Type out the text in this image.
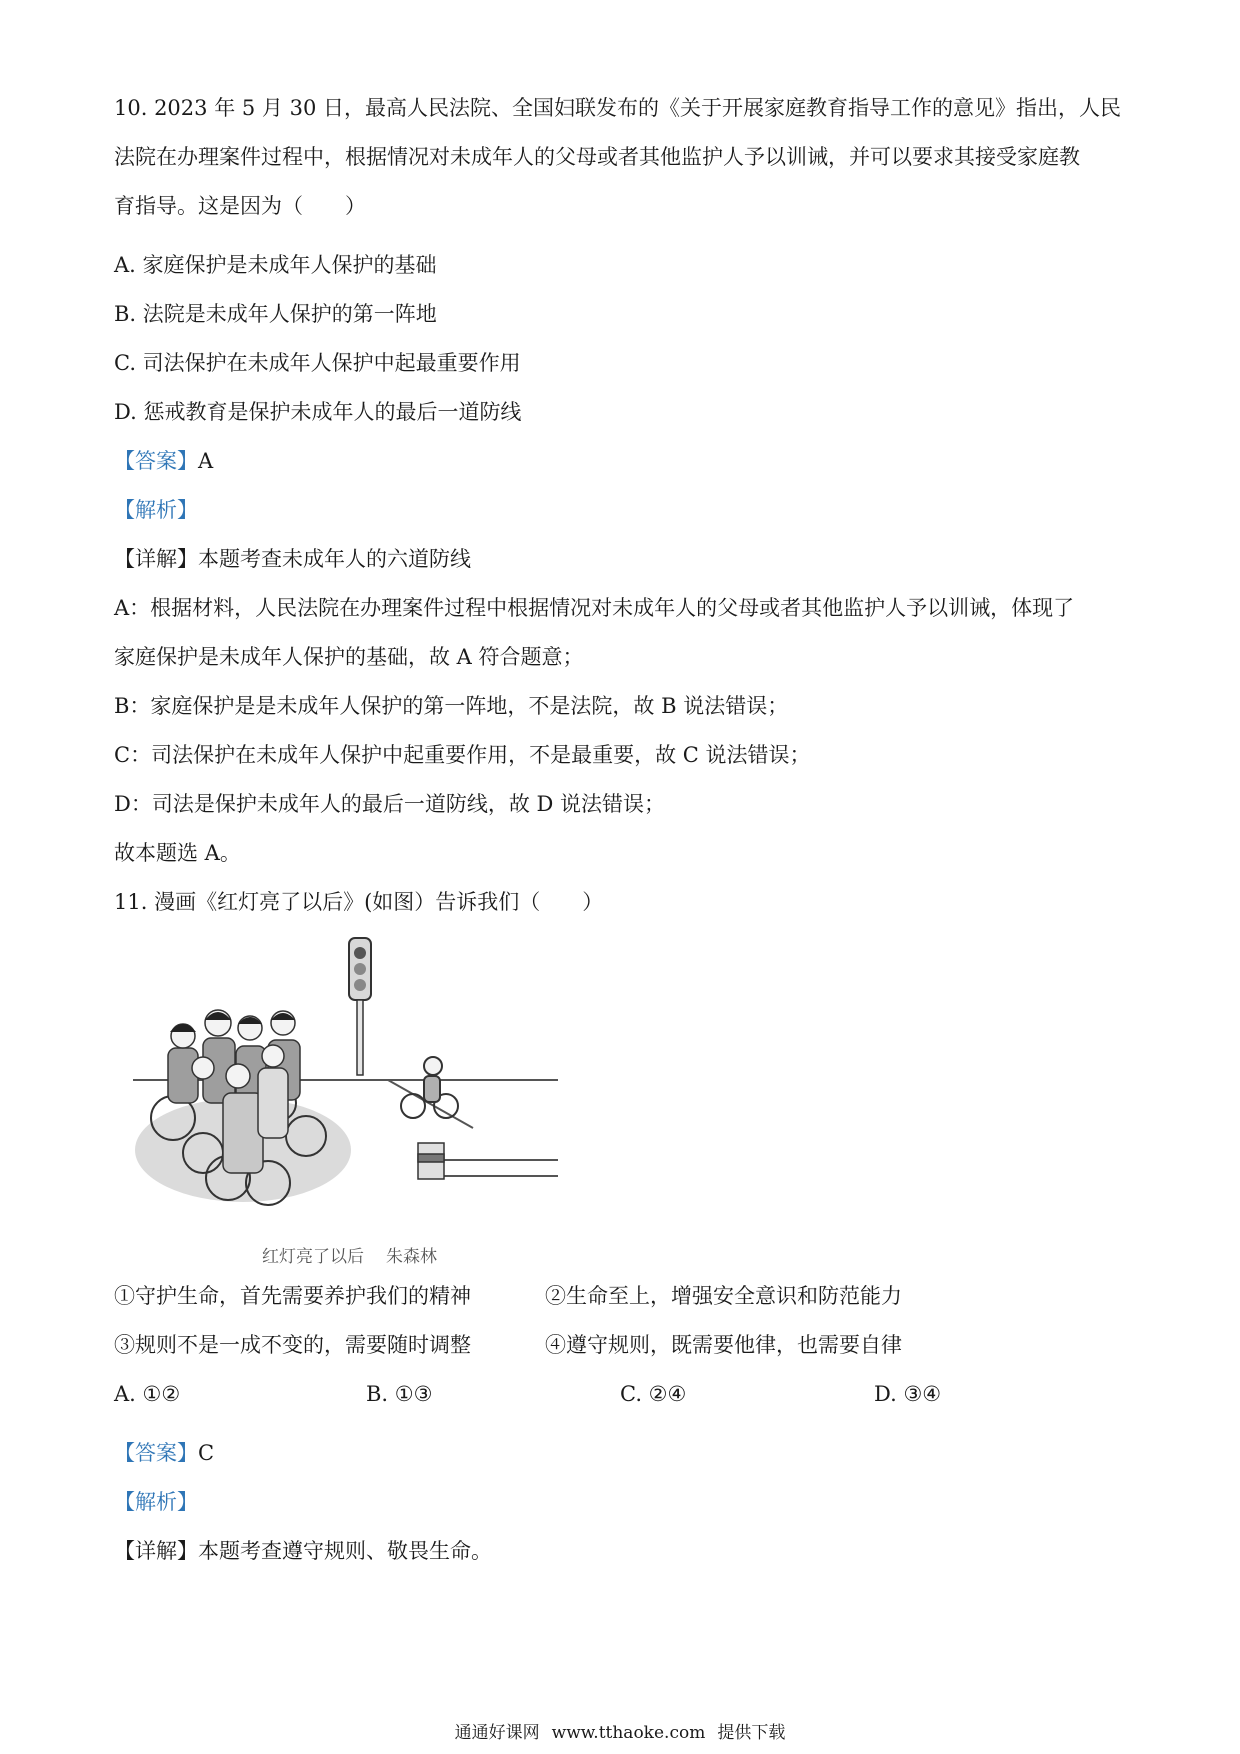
10. 2023 年 5 月 30 日，最高人民法院、全国妇联发布的《关于开展家庭教育指导工作的意见》指出，人民
法院在办理案件过程中，根据情况对未成年人的父母或者其他监护人予以训诫，并可以要求其接受家庭教
育指导。这是因为（　　）
A. 家庭保护是未成年人保护的基础
B. 法院是未成年人保护的第一阵地
C. 司法保护在未成年人保护中起最重要作用
D. 惩戒教育是保护未成年人的最后一道防线
【答案】A
【解析】
【详解】本题考查未成年人的六道防线
A：根据材料，人民法院在办理案件过程中根据情况对未成年人的父母或者其他监护人予以训诫，体现了
家庭保护是未成年人保护的基础，故 A 符合题意；
B：家庭保护是是未成年人保护的第一阵地，不是法院，故 B 说法错误；
C：司法保护在未成年人保护中起重要作用，不是最重要，故 C 说法错误；
D：司法是保护未成年人的最后一道防线，故 D 说法错误；
故本题选 A。
11. 漫画《红灯亮了以后》(如图）告诉我们（　　）
红灯亮了以后 朱森林
①守护生命，首先需要养护我们的精神	②生命至上，增强安全意识和防范能力
③规则不是一成不变的，需要随时调整	④遵守规则，既需要他律，也需要自律
A. ①②	B. ①③	C. ②④	D. ③④
【答案】C
【解析】
【详解】本题考查遵守规则、敬畏生命。
通通好课网 www.tthaoke.com 提供下载
